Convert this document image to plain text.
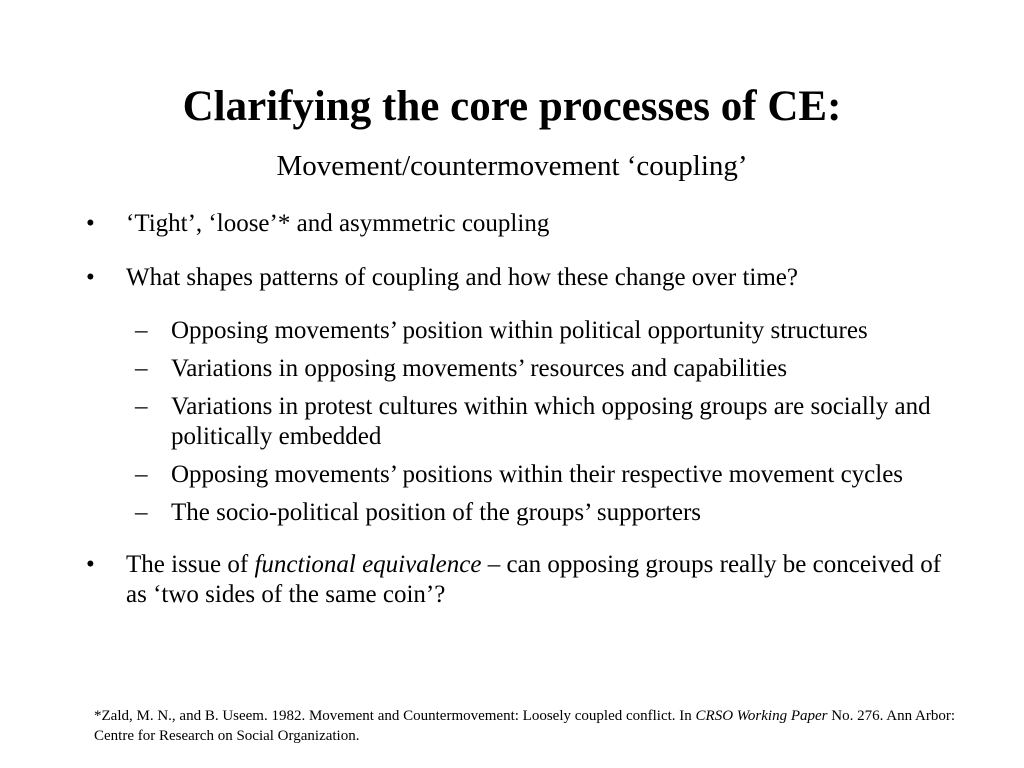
Clarifying the core processes of CE:
Movement/countermovement ‘coupling’
•	‘Tight’, ‘loose’* and asymmetric coupling
•	What shapes patterns of coupling and how these change over time?
– Opposing movements’ position within political opportunity structures
– Variations in opposing movements’ resources and capabilities
– Variations in protest cultures within which opposing groups are socially and politically embedded
– Opposing movements’ positions within their respective movement cycles
– The socio-political position of the groups’ supporters
•	The issue of functional equivalence – can opposing groups really be conceived of as ‘two sides of the same coin’?

*Zald, M. N., and B. Useem. 1982. Movement and Countermovement: Loosely coupled conflict. In CRSO Working Paper No. 276. Ann Arbor: Centre for Research on Social Organization.
